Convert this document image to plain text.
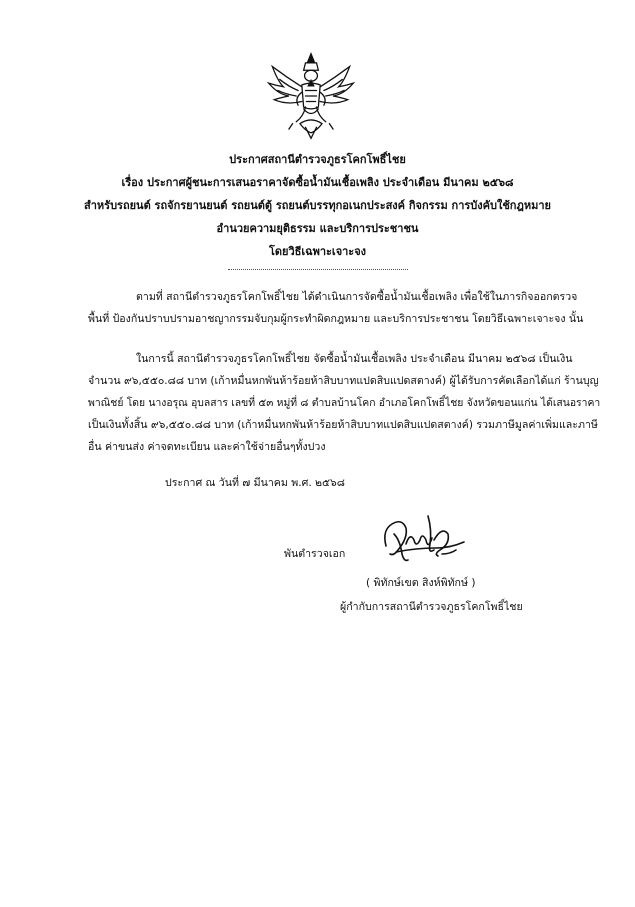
ประกาศสถานีตำรวจภูธรโคกโพธิ์ไชย
เรื่อง ประกาศผู้ชนะการเสนอราคาจัดซื้อน้ำมันเชื้อเพลิง ประจำเดือน มีนาคม ๒๕๖๘
สำหรับรถยนต์ รถจักรยานยนต์ รถยนต์ตู้ รถยนต์บรรทุกอเนกประสงค์ กิจกรรม การบังคับใช้กฎหมาย
อำนวยความยุติธรรม และบริการประชาชน
โดยวิธีเฉพาะเจาะจง
ตามที่ สถานีตำรวจภูธรโคกโพธิ์ไชย ได้ดำเนินการจัดซื้อน้ำมันเชื้อเพลิง เพื่อใช้ในภารกิจออกตรวจ
พื้นที่ ป้องกันปราบปรามอาชญากรรมจับกุมผู้กระทำผิดกฎหมาย และบริการประชาชน โดยวิธีเฉพาะเจาะจง นั้น
ในการนี้ สถานีตำรวจภูธรโคกโพธิ์ไชย จัดซื้อน้ำมันเชื้อเพลิง ประจำเดือน มีนาคม ๒๕๖๘ เป็นเงิน
จำนวน ๙๖,๕๕๐.๘๘ บาท (เก้าหมื่นหกพันห้าร้อยห้าสิบบาทแปดสิบแปดสตางค์) ผู้ได้รับการคัดเลือกได้แก่ ร้านบุญ
พาณิชย์ โดย นางอรุณ อุบลสาร เลขที่ ๕๓ หมู่ที่ ๘ ตำบลบ้านโคก อำเภอโคกโพธิ์ไชย จังหวัดขอนแก่น ได้เสนอราคา
เป็นเงินทั้งสิ้น ๙๖,๕๕๐.๘๘ บาท (เก้าหมื่นหกพันห้าร้อยห้าสิบบาทแปดสิบแปดสตางค์) รวมภาษีมูลค่าเพิ่มและภาษี
อื่น ค่าขนส่ง ค่าจดทะเบียน และค่าใช้จ่ายอื่นๆทั้งปวง
ประกาศ ณ วันที่ ๗ มีนาคม พ.ศ. ๒๕๖๘
พันตำรวจเอก
( พิทักษ์เขต สิงห์พิทักษ์ )
ผู้กำกับการสถานีตำรวจภูธรโคกโพธิ์ไชย
